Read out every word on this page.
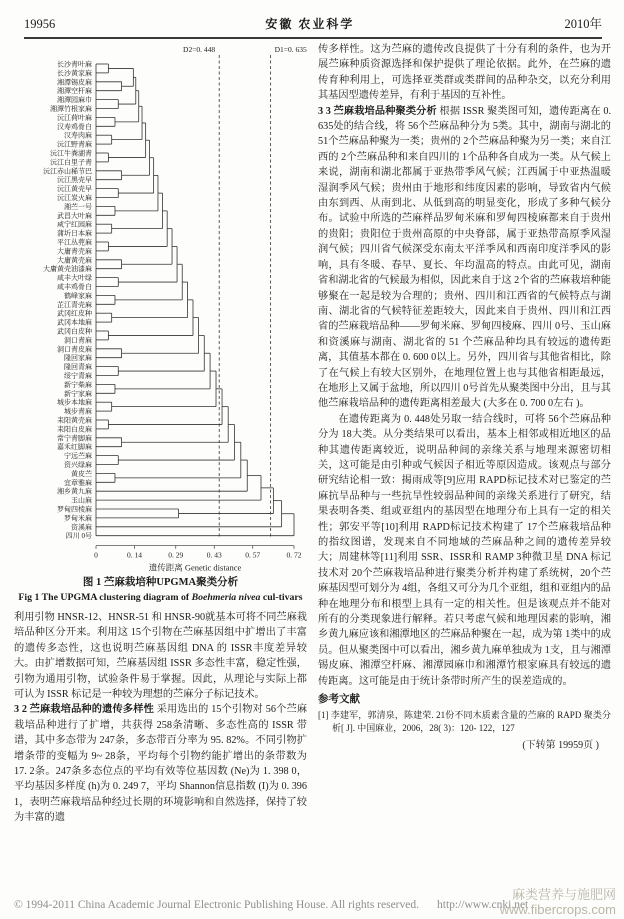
19956	安徽 农业科学	2010年
长沙青叶麻
长沙黄家麻
湘潭锡皮麻
湘潭空杆麻
湘潭园麻巾
湘潭竹根家麻
沅江荷叶麻
汉寿鸡骨白
汉寿肉麻
沅江野青麻
沅江牛粪湖青
沅江白里子青
沅江赤山稀节巴
沅江黑壳早
沅江黄壳早
沅江炭火麻
湘苎一号
武昌大叶麻
咸宁红园麻
蒲圻日本麻
平江丛蔸麻
大庸青壳麻
大庸黄壳麻
大庸黄壳油漆麻
咸丰大叶绿
咸丰鸡骨白
鹤峰家麻
芷江青壳麻
武冈红皮种
武冈本地麻
武冈白皮种
洞口青麻
洞口青皮麻
隆回家麻
隆回青麻
绥宁青麻
新宁柴麻
新宁家麻
城步本地麻
城步青麻
耒阳黄壳麻
耒阳白皮麻
常宁青脚麻
嘉禾红脚麻
宁远苎麻
资兴绿麻
黄皮苎
宜章雅麻
湘乡黄九麻
玉山麻
罗甸四棱麻
罗甸米麻
资溪麻
四川 0号
D2=0. 448	D1=0. 635
0	0. 14	0. 29	0. 43	0. 57	0. 72
遗传距离 Genetic distance
图 1 苎麻栽培种UPGMA聚类分析
Fig 1 The UPGMA clustering diagram of Boehmeria nivea cul-tivars

利用引物 HNSR-12、HNSR-51 和 HNSR-90就基本可将不同苎麻栽培品种区分开来。利用这 15个引物在苎麻基因组中扩增出了丰富的遗传多态性，这也说明苎麻基因组 DNA 的 ISSR丰度差异较大。由扩增数据可知，苎麻基因组 ISSR 多态性丰富，稳定性强，引物为通用引物，试验条件易于掌握。因此，从理论与实际上都可认为 ISSR 标记是一种较为理想的苎麻分子标记技术。

3 2 苎麻栽培品种的遗传多样性 采用选出的 15个引物对 56个苎麻栽培品种进行了扩增，共获得 258条清晰、多态性高的 ISSR 带谱，其中多态带为 247条，多态带百分率为 95. 82%。不同引物扩增条带的变幅为 9~ 28条，平均每个引物约能扩增出的条带数为 17. 2条。247条多态位点的平均有效等位基因数 (Ne)为 1. 398 0，平均基因多样度 (h)为 0. 249 7，平均 Shannon信息指数 (I)为 0. 396 1，表明苎麻栽培品种经过长期的环境影响和自然选择，保持了较为丰富的遗

传多样性。这为苎麻的遗传改良提供了十分有利的条件，也为开展苎麻种质资源选择和保护提供了理论依据。此外，在苎麻的遗传育种利用上，可选择亚类群或类群间的品种杂交，以充分利用其基因型遗传差异，有利于基因的互补性。

3 3 苎麻栽培品种聚类分析 根据 ISSR 聚类图可知，遗传距离在 0. 635处的结合线，将 56个苎麻品种分为 5类。其中，湖南与湖北的 51个苎麻品种聚为一类；贵州的 2个苎麻品种聚为另一类；来自江西的 2个苎麻品种和来自四川的 1个品种各自成为一类。从气候上来说，湖南和湖北都属于亚热带季风气候；江西属于中亚热温暖湿润季风气候；贵州由于地形和纬度因素的影响，导致省内气候由东到西、从南到北、从低到高的明显变化，形成了多种气候分布。试验中所选的苎麻样品罗甸米麻和罗甸四棱麻都来自于贵州的贵阳；贵阳位于贵州高原的中央脊部，属于亚热带高原季风湿润气候；四川省气候深受东南太平洋季风和西南印度洋季风的影响，具有冬暖、春早、夏长、年均温高的特点。由此可见，湖南省和湖北省的气候最为相似，因此来自于这 2个省的苎麻栽培种能够聚在一起是较为合理的；贵州、四川和江西省的气候特点与湖南、湖北省的气候特征差距较大，因此来自于贵州、四川和江西省的苎麻栽培品种——罗甸米麻、罗甸四棱麻、四川 0号、玉山麻和资溪麻与湖南、湖北省的 51 个苎麻品种均具有较远的遗传距离，其值基本都在 0. 600 0以上。另外，四川省与其他省相比，除了在气候上有较大区别外，在地理位置上也与其他省相距最远，在地形上又属于盆地，所以四川 0号首先从聚类图中分出，且与其他苎麻栽培品种的遗传距离相差最大 (大多在 0. 700 0左右 )。

在遗传距离为 0. 448处另取一结合线时，可将 56个苎麻品种分为 18大类。从分类结果可以看出，基本上相邻或相近地区的品种其遗传距离较近，说明品种间的亲缘关系与地理来源密切相关，这可能是由引种或气候因子相近等原因造成。该观点与部分研究结论相一致：揭雨成等[9]应用 RAPD标记技术对已鉴定的苎麻抗旱品种与一些抗旱性较弱品种间的亲缘关系进行了研究，结果表明各类、组或亚组内的基因型在地理分布上具有一定的相关性；郭安平等[10]利用 RAPD标记技术构建了 17个苎麻栽培品种的指纹图谱，发现来自不同地域的苎麻品种之间的遗传差异较大；周建林等[11]利用 SSR、ISSR和 RAMP 3种微卫星 DNA 标记技术对 20个苎麻栽培品种进行聚类分析并构建了系统树，20个苎麻基因型可划分为 4组，各组又可分为几个亚组，组和亚组内的品种在地理分布和根型上具有一定的相关性。但是该观点并不能对所有的分类现象进行解释。若只考虑气候和地理因素的影响，湘乡黄九麻应该和湘潭地区的苎麻品种聚在一起，成为第 1类中的成员。但从聚类图中可以看出，湘乡黄九麻单独成为 1支，且与湘潭锡皮麻、湘潭空杆麻、湘潭园麻巾和湘潭竹根家麻具有较远的遗传距离。这可能是由于统计条带时所产生的误差造成的。

参考文献
[1] 李建军，郭清泉，陈建荣. 21份不同木质素含量的苎麻的 RAPD 聚类分析[ J]. 中国麻业，2006，28( 3)：120- 122，127
(下转第 19959页 )
© 1994-2011 China Academic Journal Electronic Publishing House. All rights reserved. http://www.cnki.net
麻类营养与施肥网
www.fibercrops.com
